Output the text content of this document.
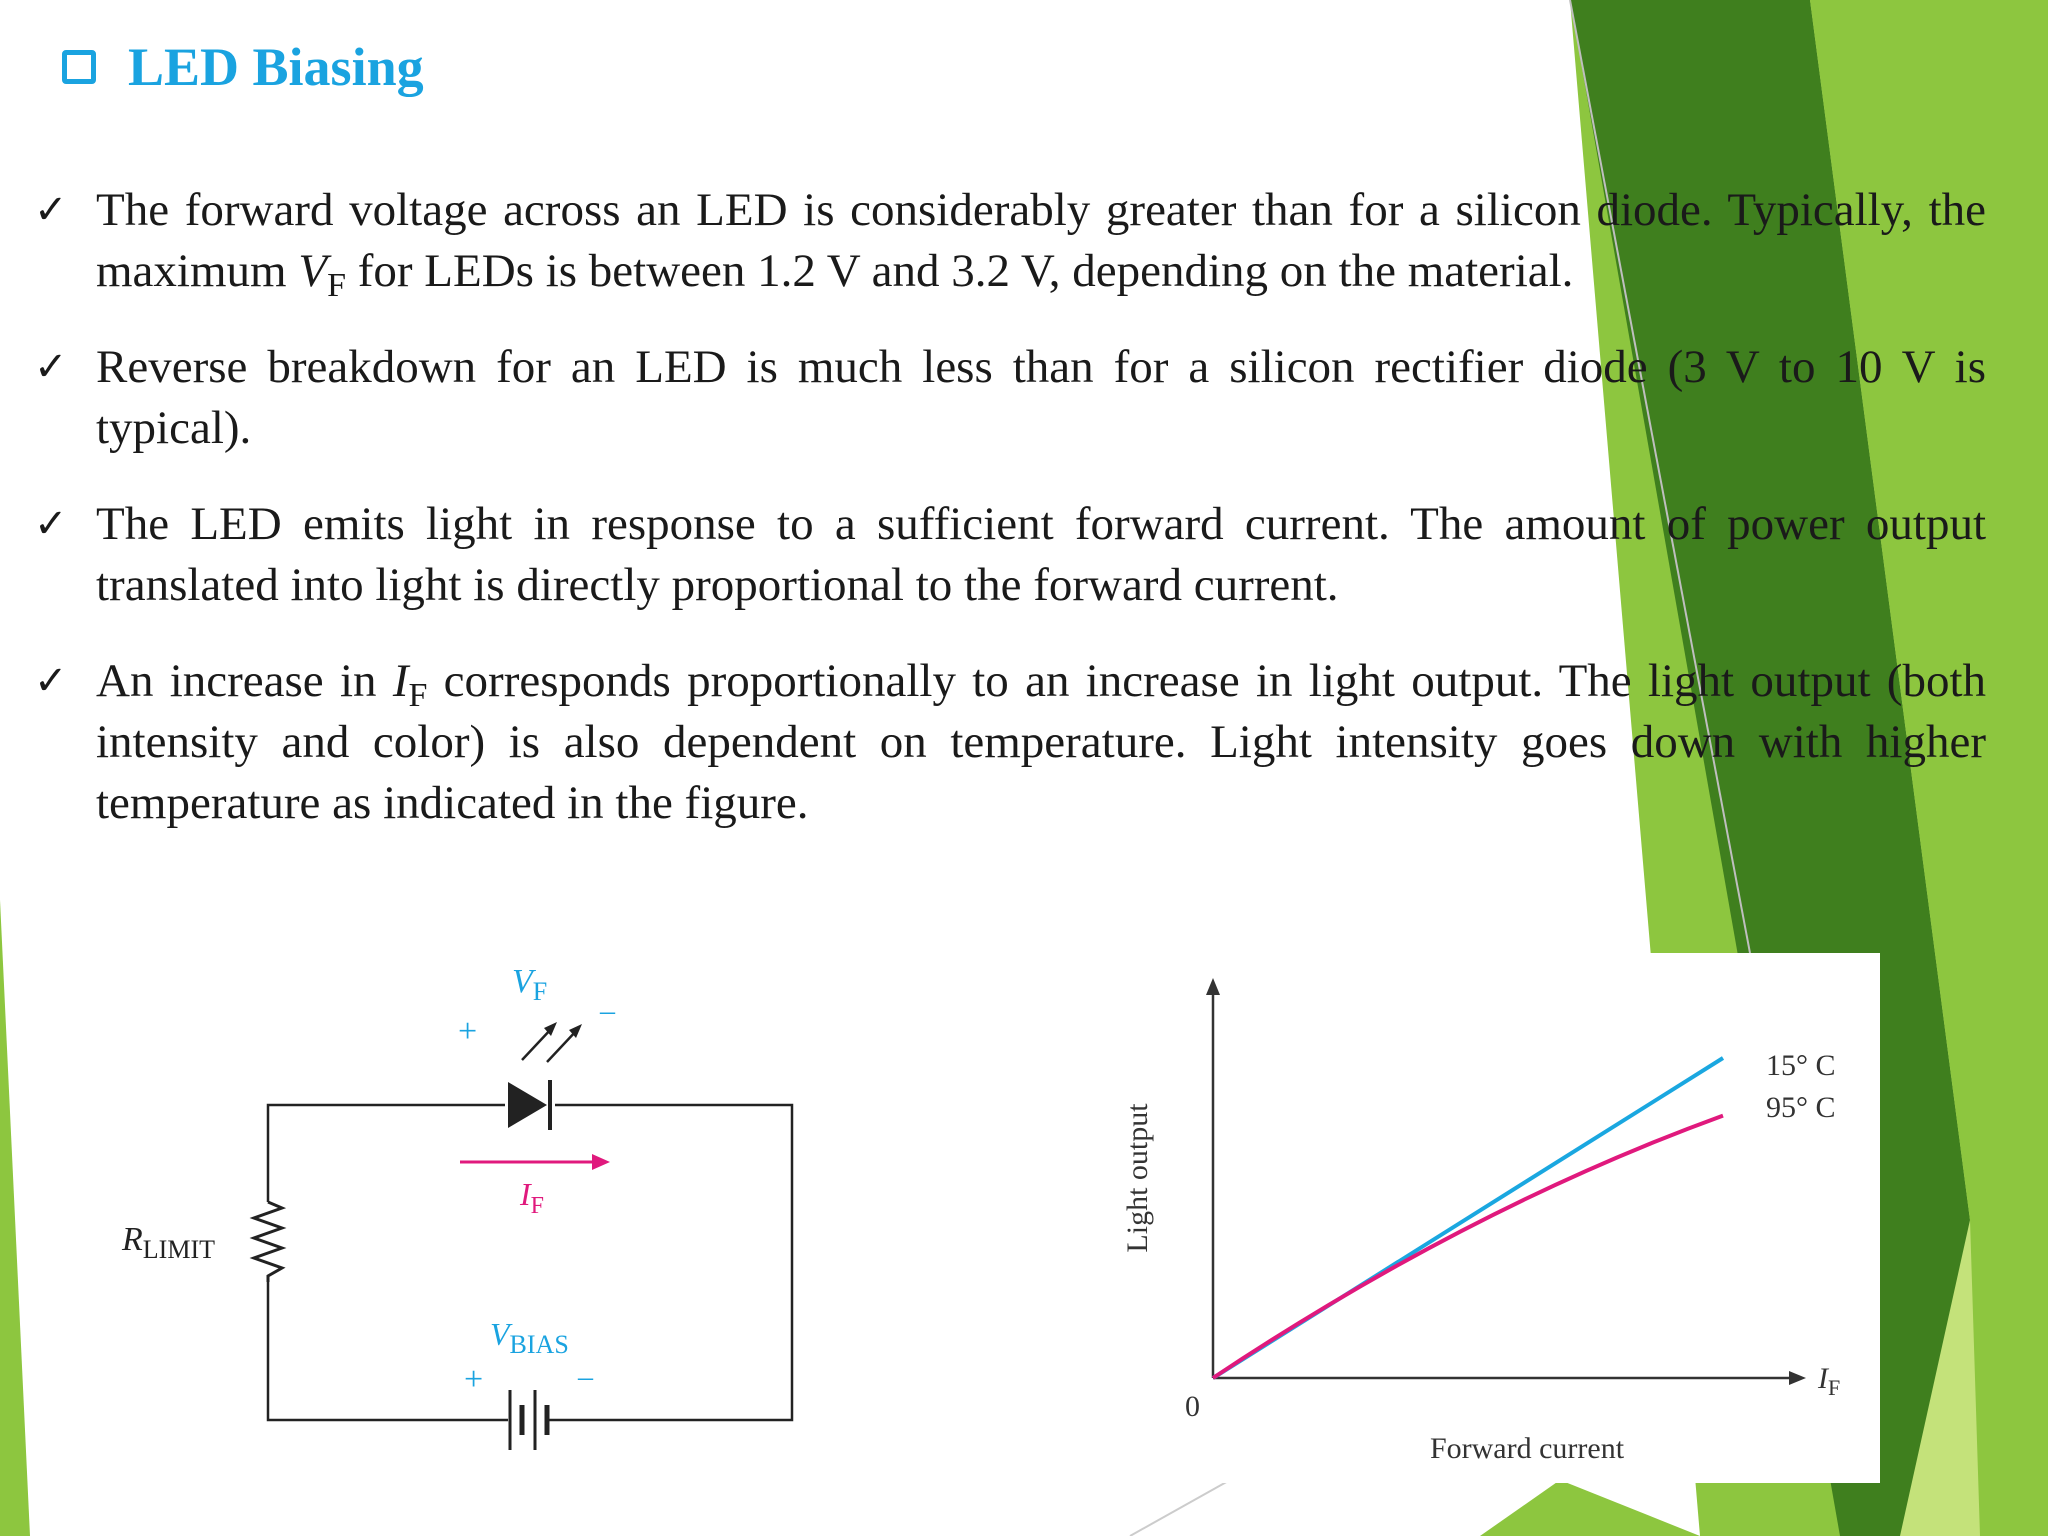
LED Biasing
✓ The forward voltage across an LED is considerably greater than for a silicon diode. Typically, the maximum $V_F$ for LEDs is between 1.2 V and 3.2 V, depending on the material.
✓ Reverse breakdown for an LED is much less than for a silicon rectifier diode (3 V to 10 V is typical).
✓ The LED emits light in response to a sufficient forward current. The amount of power output translated into light is directly proportional to the forward current.
✓ An increase in $I_F$ corresponds proportionally to an increase in light output. The light output (both intensity and color) is also dependent on temperature. Light intensity goes down with higher temperature as indicated in the figure.
$V_F$
+
–
$I_F$
$R_{LIMIT}$
$V_{BIAS}$
+	–
0
Light output
Forward current
$I_F$
15° C
95° C
